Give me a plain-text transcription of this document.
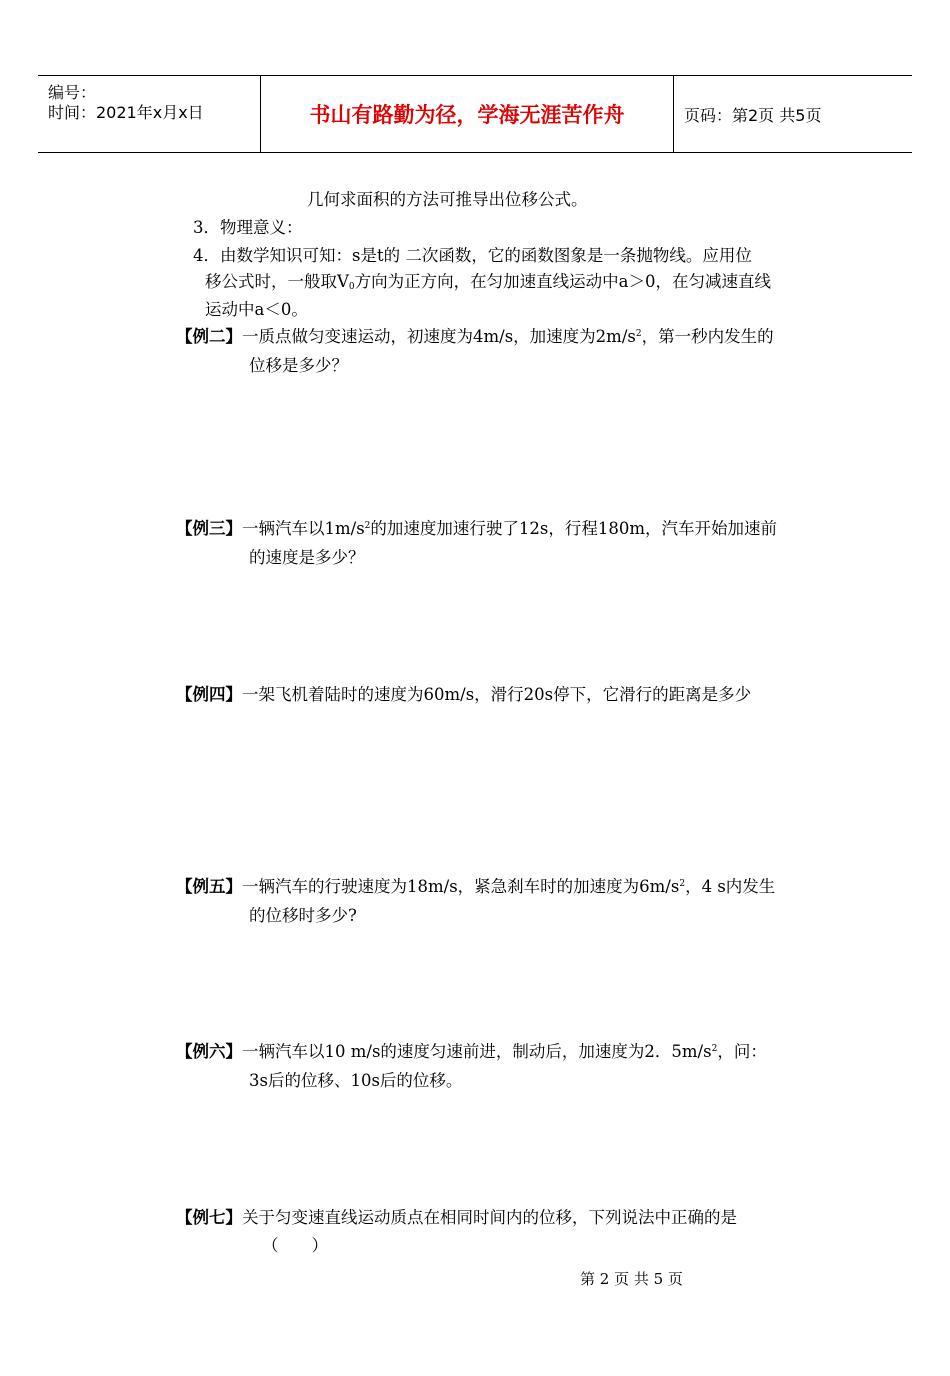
编号：
时间：2021年x月x日	书山有路勤为径，学海无涯苦作舟	页码：第2页 共5页
几何求面积的方法可推导出位移公式。
3．物理意义：
4．由数学知识可知：s是t的 二次函数，它的函数图象是一条抛物线。应用位
移公式时，一般取$V_0$方向为正方向，在匀加速直线运动中a＞0，在匀减速直线
运动中a＜0。
【例二】一质点做匀变速运动，初速度为4m/s，加速度为$2m/s^2$，第一秒内发生的
位移是多少？
【例三】一辆汽车以$1m/s^2$的加速度加速行驶了12s，行程180m，汽车开始加速前
的速度是多少？
【例四】一架飞机着陆时的速度为60m/s，滑行20s停下，它滑行的距离是多少
【例五】一辆汽车的行驶速度为18m/s，紧急刹车时的加速度为$6m/s^2$，4 s内发生
的位移时多少?
【例六】一辆汽车以10 m/s的速度匀速前进，制动后，加速度为2．$5m/s^2$，问：
3s后的位移、10s后的位移。
【例七】关于匀变速直线运动质点在相同时间内的位移，下列说法中正确的是
（　　）
第 2 页 共 5 页
